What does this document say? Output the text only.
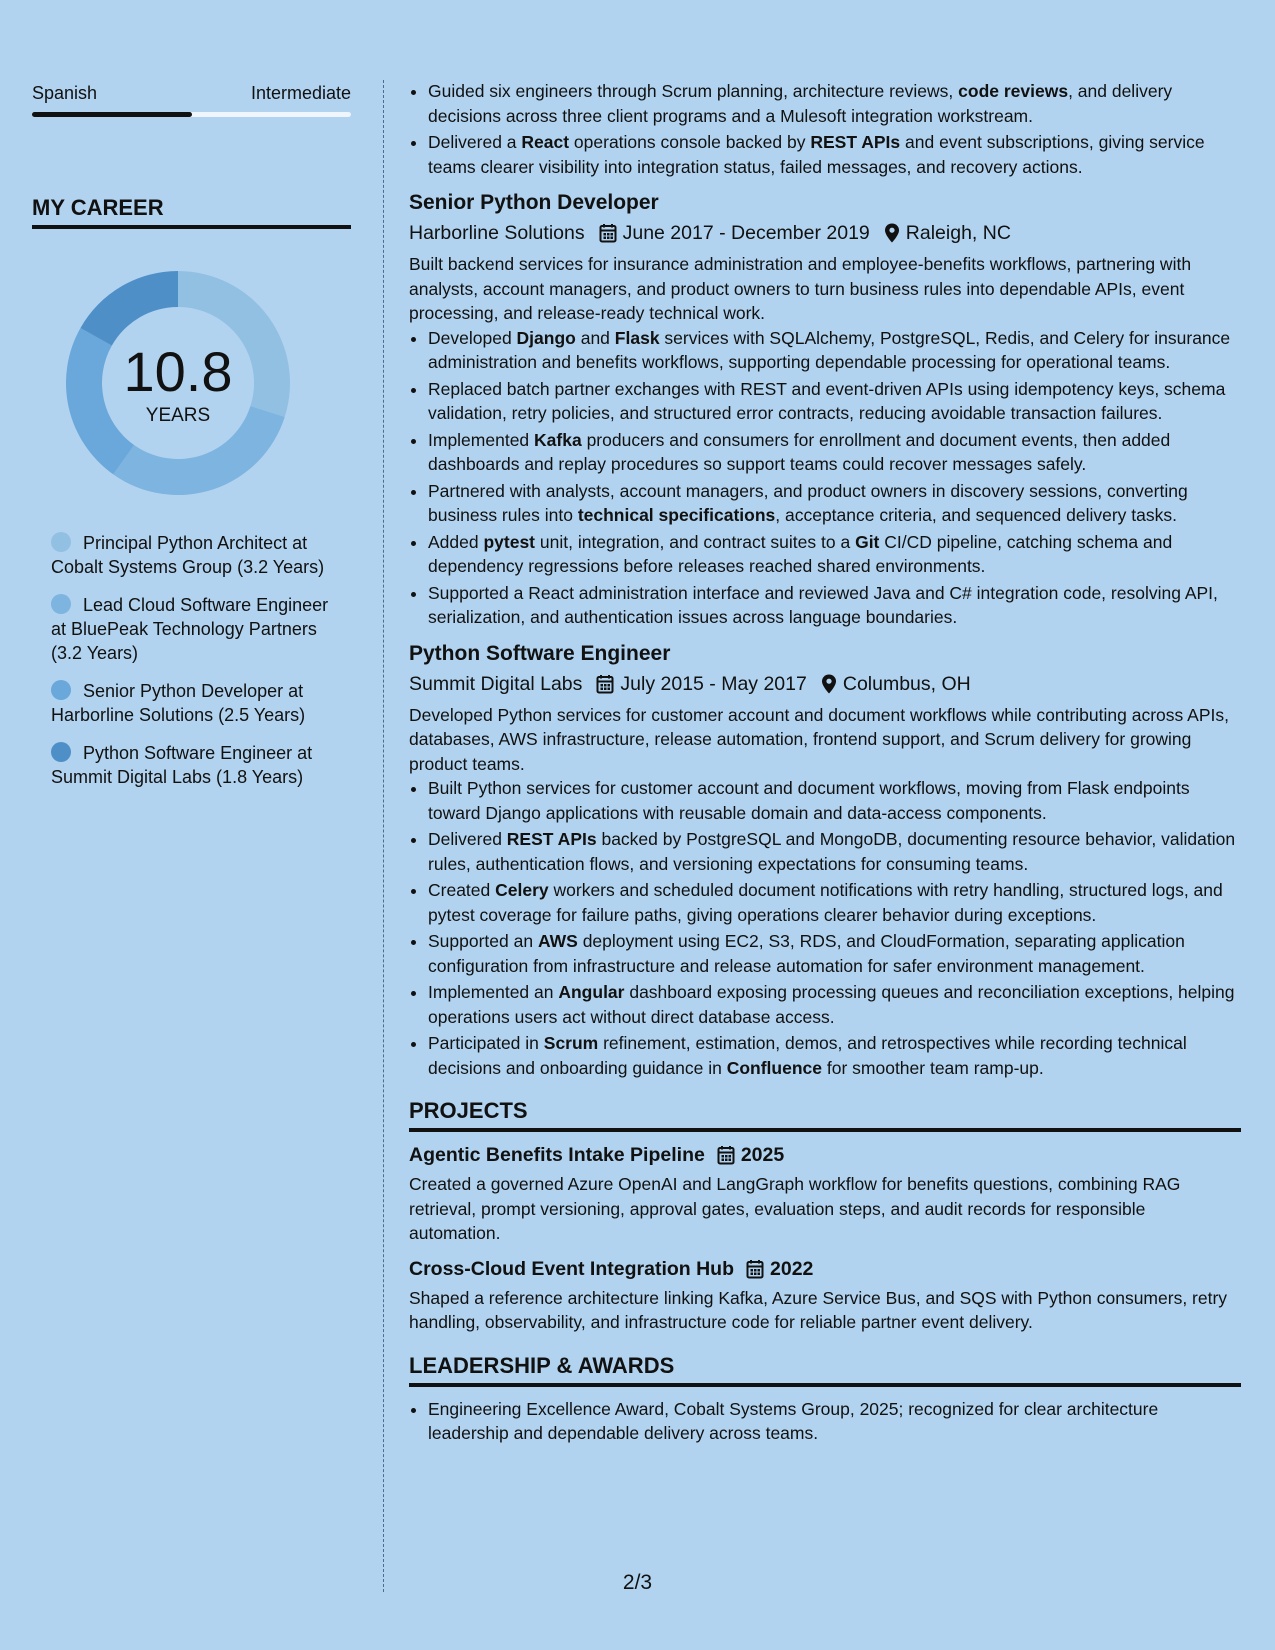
Spanish	Intermediate
MY CAREER
10.8
YEARS
Principal Python Architect at Cobalt Systems Group (3.2 Years)
Lead Cloud Software Engineer at BluePeak Technology Partners (3.2 Years)
Senior Python Developer at Harborline Solutions (2.5 Years)
Python Software Engineer at Summit Digital Labs (1.8 Years)
• Guided six engineers through Scrum planning, architecture reviews, code reviews, and delivery decisions across three client programs and a Mulesoft integration workstream.
• Delivered a React operations console backed by REST APIs and event subscriptions, giving service teams clearer visibility into integration status, failed messages, and recovery actions.
Senior Python Developer
Harborline Solutions June 2017 - December 2019 Raleigh, NC
Built backend services for insurance administration and employee-benefits workflows, partnering with analysts, account managers, and product owners to turn business rules into dependable APIs, event processing, and release-ready technical work.
• Developed Django and Flask services with SQLAlchemy, PostgreSQL, Redis, and Celery for insurance administration and benefits workflows, supporting dependable processing for operational teams.
• Replaced batch partner exchanges with REST and event-driven APIs using idempotency keys, schema validation, retry policies, and structured error contracts, reducing avoidable transaction failures.
• Implemented Kafka producers and consumers for enrollment and document events, then added dashboards and replay procedures so support teams could recover messages safely.
• Partnered with analysts, account managers, and product owners in discovery sessions, converting business rules into technical specifications, acceptance criteria, and sequenced delivery tasks.
• Added pytest unit, integration, and contract suites to a Git CI/CD pipeline, catching schema and dependency regressions before releases reached shared environments.
• Supported a React administration interface and reviewed Java and C# integration code, resolving API, serialization, and authentication issues across language boundaries.
Python Software Engineer
Summit Digital Labs July 2015 - May 2017 Columbus, OH
Developed Python services for customer account and document workflows while contributing across APIs, databases, AWS infrastructure, release automation, frontend support, and Scrum delivery for growing product teams.
• Built Python services for customer account and document workflows, moving from Flask endpoints toward Django applications with reusable domain and data-access components.
• Delivered REST APIs backed by PostgreSQL and MongoDB, documenting resource behavior, validation rules, authentication flows, and versioning expectations for consuming teams.
• Created Celery workers and scheduled document notifications with retry handling, structured logs, and pytest coverage for failure paths, giving operations clearer behavior during exceptions.
• Supported an AWS deployment using EC2, S3, RDS, and CloudFormation, separating application configuration from infrastructure and release automation for safer environment management.
• Implemented an Angular dashboard exposing processing queues and reconciliation exceptions, helping operations users act without direct database access.
• Participated in Scrum refinement, estimation, demos, and retrospectives while recording technical decisions and onboarding guidance in Confluence for smoother team ramp-up.
PROJECTS
Agentic Benefits Intake Pipeline 2025
Created a governed Azure OpenAI and LangGraph workflow for benefits questions, combining RAG retrieval, prompt versioning, approval gates, evaluation steps, and audit records for responsible automation.
Cross-Cloud Event Integration Hub 2022
Shaped a reference architecture linking Kafka, Azure Service Bus, and SQS with Python consumers, retry handling, observability, and infrastructure code for reliable partner event delivery.
LEADERSHIP & AWARDS
• Engineering Excellence Award, Cobalt Systems Group, 2025; recognized for clear architecture leadership and dependable delivery across teams.
2/3
